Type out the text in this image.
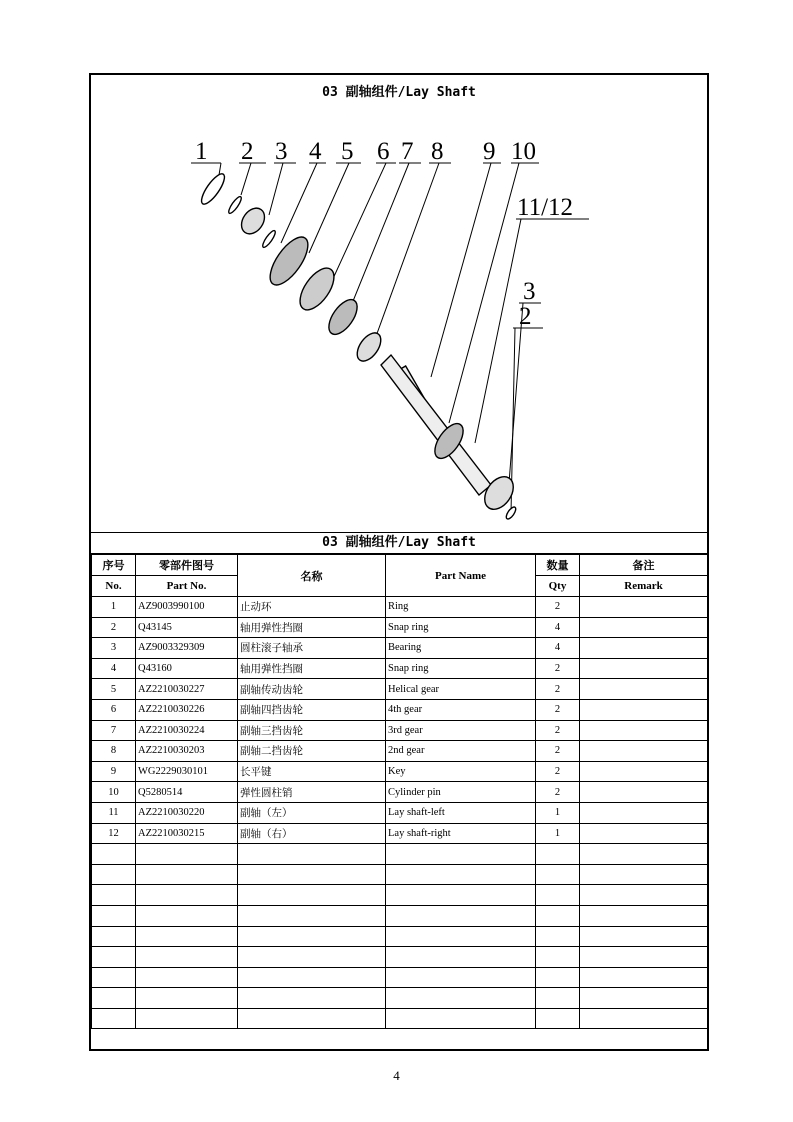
03 副轴组件/Lay Shaft
1 2 3 4 5 6 7 8 9 10
11/12
3
2
03 副轴组件/Lay Shaft
序号	零部件图号	名称	Part Name	数量	备注
No.	Part No.			Qty	Remark
1	AZ9003990100	止动环	Ring	2	
2	Q43145	轴用弹性挡圈	Snap ring	4	
3	AZ9003329309	圆柱滚子轴承	Bearing	4	
4	Q43160	轴用弹性挡圈	Snap ring	2	
5	AZ2210030227	副轴传动齿轮	Helical gear	2	
6	AZ2210030226	副轴四挡齿轮	4th gear	2	
7	AZ2210030224	副轴三挡齿轮	3rd gear	2	
8	AZ2210030203	副轴二挡齿轮	2nd gear	2	
9	WG2229030101	长平键	Key	2	
10	Q5280514	弹性圆柱销	Cylinder pin	2	
11	AZ2210030220	副轴（左）	Lay shaft-left	1	
12	AZ2210030215	副轴（右）	Lay shaft-right	1	

4
